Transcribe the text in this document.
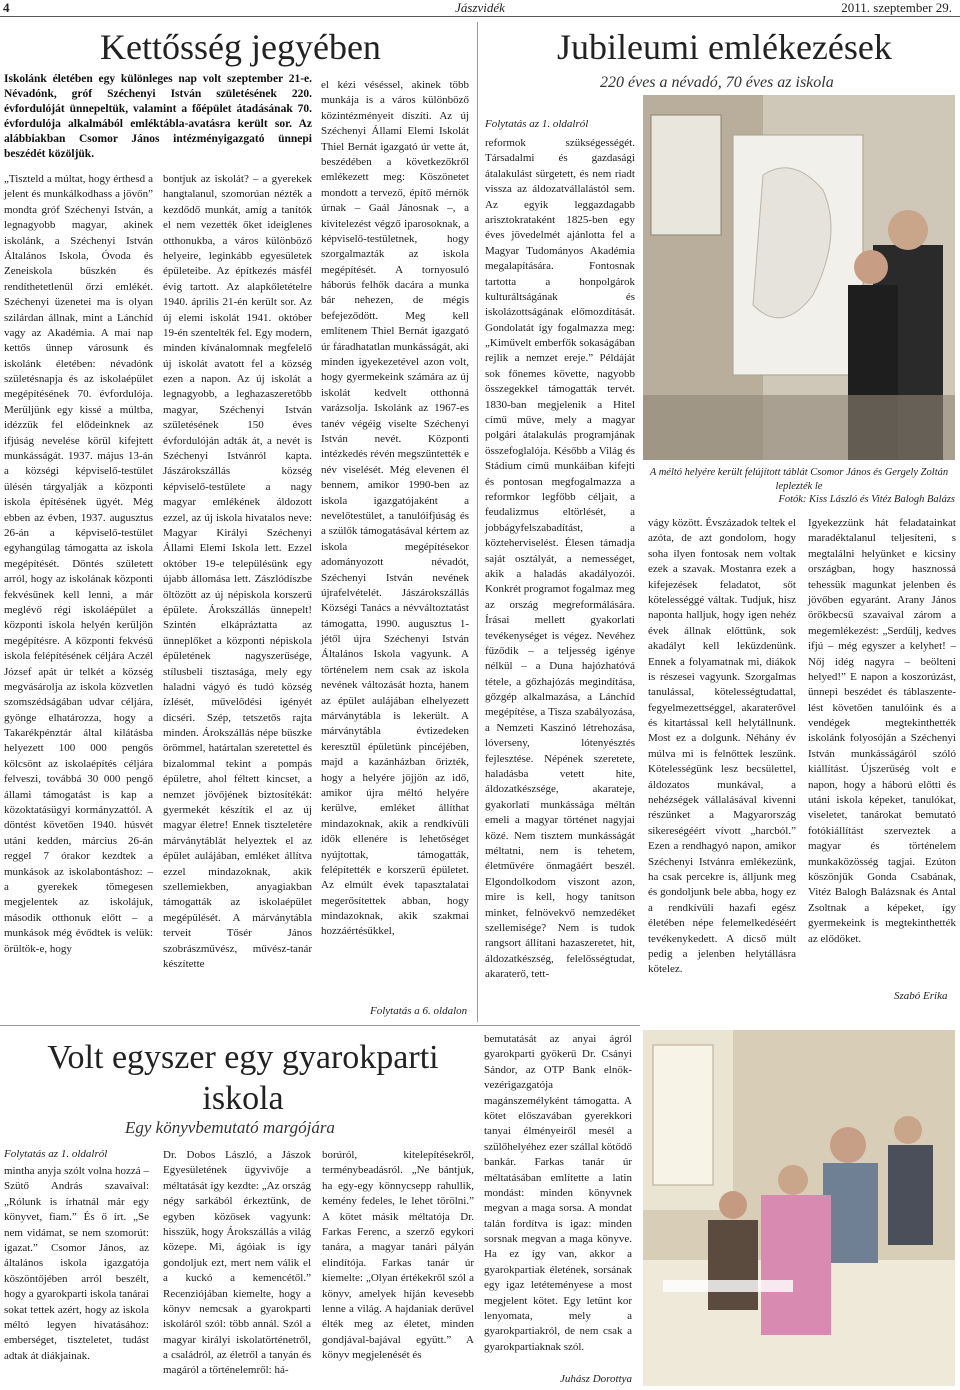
Jászvidék
4	2011. szeptember 29.
Kettősség jegyében
Iskolánk életében egy különleges nap volt szeptember 21-e. Névadónk, gróf Széchenyi István születésének 220. évfordulóját ünnepeltük, valamint a főépület átadásának 70. évfordulója alkalmából emléktábla-avatásra került sor. Az alábbiakban Csomor János intézményigazgató ünnepi beszédét közöljük.
„Tiszteld a múltat, hogy érthesd a jelent és munkálkodhass a jövőn” mondta gróf Széchenyi István, a legnagyobb magyar, akinek iskolánk, a Széchenyi István Általános Iskola, Óvoda és Zeneiskola büszkén és rendíthetetlenül őrzi emlékét. Széchenyi üzenetei ma is olyan szilárdan állnak, mint a Lánchíd vagy az Akadémia. A mai nap kettős ünnep városunk és iskolánk életében: névadónk születésnapja és az iskolaépület megépítésének 70. évfordulója. Merüljünk egy kissé a múltba, idézzük fel elődeinknek az ifjúság nevelése körül kifejtett munkásságát. 1937. május 13-án a községi képviselő-testület ülésén tárgyalják a központi iskola építésének ügyét. Még ebben az évben, 1937. augusztus 26-án a képviselő-testület egyhangúlag támogatta az iskola megépítését. Döntés született arról, hogy az iskolának központi fekvésűnek kell lenni, a már meglévő régi iskoláépület a központi iskola helyén kerüljön megépítésre. A központi fekvésű iskola felépítésének céljára Aczél József apát úr telkét a község megvásárolja az iskola közvetlen szomszédságában udvar céljára, gyönge elhatározza, hogy a Takarékpénztár által kilátásba helyezett 100 000 pengős kölcsönt az iskolaépítés céljára felveszi, továbbá 30 000 pengő állami támogatást is kap a közoktatásügyi kormányzattól. A döntést követően 1940. húsvét utáni kedden, március 26-án reggel 7 órakor kezdtek a munkások az iskolabontáshoz: – a gyerekek tömegesen megjelentek az iskolájuk, második otthonuk előtt – a munkások még évődtek is velük: örültök-e, hogy
bontjuk az iskolát? – a gyerekek hangtalanul, szomorúan nézték a kezdődő munkát, amíg a tanítók el nem vezették őket ideiglenes otthonukba, a város különböző helyeire, leginkább egyesületek épületeibe. Az építkezés másfél évig tartott. Az alapkőletételre 1940. április 21-én került sor. Az új elemi iskolát 1941. október 19-én szentelték fel. Egy modern, minden kívánalomnak megfelelő új iskolát avatott fel a község ezen a napon. Az új iskolát a legnagyobb, a leghazaszeretőbb magyar, Széchenyi István születésének 150 éves évfordulóján adták át, a nevét is Széchenyi Istvánról kapta. Jászárokszállás község képviselő-testülete a nagy magyar emlékének áldozott ezzel, az új iskola hivatalos neve: Magyar Királyi Széchenyi Állami Elemi Iskola lett. Ezzel október 19-e településünk egy újabb állomása lett. Zászlódíszbe öltözött az új népiskola korszerű épülete. Árokszállás ünnepelt! Szintén elkápráztatta az ünneplőket a központi népiskola épületének nagyszerűsége, stílusbeli tisztasága, mely egy haladni vágyó és tudó község ízlését, művelődési igényét dicséri. Szép, tetszetős rajta minden. Árokszállás népe büszke örömmel, határtalan szeretettel és bizalommal tekint a pompás épületre, ahol féltett kincset, a nemzet jövőjének biztosítékát: gyermekét készítik el az új magyar életre! Ennek tiszteletére márványtáblát helyeztek el az épület aulájában, emléket állítva ezzel mindazoknak, akik szellemiekben, anyagiakban támogatták az iskolaépület megépülését. A márványtábla terveit Tősér János szobrászművész, művész-tanár készítette
el kézi véséssel, akinek több munkája is a város különböző közintézményeit díszíti. Az új Széchenyi Állami Elemi Iskolát Thiel Bernát igazgató úr vette át, beszédében a következőkről emlékezett meg: Köszönetet mondott a tervező, építő mérnök úrnak – Gaál Jánosnak –, a kivitelezést végző iparosoknak, a képviselő-testületnek, hogy szorgalmazták az iskola megépítését. A tornyosuló háborús felhők dacára a munka bár nehezen, de mégis befejeződött. Meg kell említenem Thiel Bernát igazgató úr fáradhatatlan munkásságát, aki minden igyekezetével azon volt, hogy gyermekeink számára az új iskolát kedvelt otthonná varázsolja. Iskolánk az 1967-es tanév végéig viselte Széchenyi István nevét. Központi intézkedés révén megszüntették e név viselését. Még elevenen él bennem, amikor 1990-ben az iskola igazgatójaként a nevelőtestület, a tanulóifjúság és a szülők támogatásával kértem az iskola megépítésekor adományozott névadót, Széchenyi István nevének újrafelvételét. Jászárokszállás Községi Tanács a névváltoztatást támogatta, 1990. augusztus 1-jétől újra Széchenyi István Általános Iskola vagyunk. A történelem nem csak az iskola nevének változását hozta, hanem az épület aulájában elhelyezett márványtábla is lekerült. A márványtábla évtizedeken keresztül épületünk pincéjében, majd a kazánházban őrizték, hogy a helyére jöjjön az idő, amikor újra méltó helyére kerülve, emléket állíthat mindazoknak, akik a rendkívüli idők ellenére is lehetőséget nyújtottak, támogatták, felépítették e korszerű épületet. Az elmúlt évek tapasztalatai megerősítettek abban, hogy mindazoknak, akik szakmai hozzáértésükkel,
Folytatás a 6. oldalon
Jubileumi emlékezések
220 éves a névadó, 70 éves az iskola
A méltó helyére került felújított táblát Csomor János és Gergely Zoltán leplezték le

Fotók: Kiss László és Vitéz Balogh Balázs
Folytatás az 1. oldalról
reformok szükségességét. Társadalmi és gazdasági átalakulást sürgetett, és nem riadt vissza az áldozatvállalástól sem. Az egyik leggazdagabb arisztokrataként 1825-ben egy éves jövedelmét ajánlotta fel a Magyar Tudományos Akadémia megalapítására. Fontosnak tartotta a honpolgárok kulturáltságának és iskolázottságának előmozdítását. Gondolatát így fogalmazza meg: „Kiművelt emberfők sokaságában rejlik a nemzet ereje.” Példáját sok főnemes követte, nagyobb összegekkel támogatták tervét. 1830-ban megjelenik a Hitel című műve, mely a magyar polgári átalakulás programjának összefoglalója. Később a Világ és Stádium című munkáiban kifejti és pontosan megfogalmazza a reformkor legfőbb céljait, a feudalizmus eltörlését, a jobbágyfelszabadítást, a közteherviselést. Élesen támadja saját osztályát, a nemességet, akik a haladás akadályozói. Konkrét programot fogalmaz meg az ország megreformálására. Írásai mellett gyakorlati tevékenységet is végez. Nevéhez fűződik – a teljesség igénye nélkül – a Duna hajózhatóvá tétele, a gőzhajózás megindítása, gőzgép alkalmazása, a Lánchíd megépítése, a Tisza szabályozása, a Nemzeti Kaszinó létrehozása, lóverseny, lótenyésztés fejlesztése. Népének szeretete, haladásba vetett hite, áldozatkészsége, akarateje, gyakorlati munkássága méltán emeli a magyar történet nagyjai közé. Nem tisztem munkásságát méltatni, nem is tehetem, életművére önmagáért beszél. Elgondolkodom viszont azon, mire is kell, hogy tanítson minket, felnövekvő nemzedéket szellemisége? Nem is tudok rangsort állítani hazaszeretet, hit, áldozatkészség, felelősségtudat, akaraterő, tett-
vágy között. Évszázadok teltek el azóta, de azt gondolom, hogy soha ilyen fontosak nem voltak ezek a szavak. Mostanra ezek a kifejezések feladatot, sőt kötelességgé váltak. Tudjuk, hisz naponta halljuk, hogy igen nehéz évek állnak előttünk, sok akadályt kell leküzdenünk. Ennek a folyamatnak mi, diákok is részesei vagyunk. Szorgalmas tanulással, kötelességtudattal, fegyelmezettséggel, akaraterővel és kitartással kell helytállnunk. Most ez a dolgunk. Néhány év múlva mi is felnőttek leszünk. Kötelességünk lesz becsülettel, áldozatos munkával, a nehézségek vállalásával kivenni részünket a Magyarország sikereségéért vívott „harcból.” Ezen a rendhagyó napon, amikor Széchenyi Istvánra emlékezünk, ha csak percekre is, álljunk meg és gondoljunk bele abba, hogy ez a rendkívüli hazafi egész életében népe felemelkedéséért tevékenykedett. A dicső múlt pedig a jelenben helytállásra kötelez.
Igyekezzünk hát feladatainkat maradéktalanul teljesíteni, s megtalálni helyünket e kicsiny országban, hogy hasznossá tehessük magunkat jelenben és jövőben egyaránt. Arany János örökbecsű szavaival zárom a megemlékezést: „Serdülj, kedves ifjú – még egyszer a kelyhet! – Nőj idég nagyra – beöltеni helyed!” E napon a koszorúzást, ünnepi beszédet és táblaszentelést követően tanulóink és a vendégek megtekinthették iskolánk folyosóján a Széchenyi István munkásságáról szóló kiállítást. Újszerűség volt e napon, hogy a háború előtti és utáni iskola képeket, tanulókat, viseletet, tanárokat bemutató fotókiállítást szerveztek a magyar és történelem munkaközösség tagjai. Ezúton köszönjük Gonda Csabának, Vitéz Balogh Balázsnak és Antal Zsoltnak a képeket, így gyermekeink is megtekinthették az elődöket.
Szabó Erika
Volt egyszer egy gyarokparti
iskola
Egy könyvbemutató margójára
Folytatás az 1. oldalról
mintha anyja szólt volna hozzá – Szütő András szavaival: „Rólunk is írhatnál már egy könyvet, fiam.” És ő írt. „Se nem vidámat, se nem szomorút: igazat.” Csomor János, az általános iskola igazgatója köszöntőjében arról beszélt, hogy a gyarokparti iskola tanárai sokat tettek azért, hogy az iskola méltó legyen hivatásához: emberséget, tiszteletet, tudást adtak át diákjainak.
Dr. Dobos László, a Jászok Egyesületének ügyvivője a méltatását így kezdte: „Az ország négy sarkából érkeztünk, de egyben közösek vagyunk: hisszük, hogy Árokszállás a világ közepe. Mi, ágóiak is így gondoljuk ezt, mert nem válik el a kuckó a kemencétől.” Recenziójában kiemelte, hogy a könyv nemcsak a gyarokparti iskoláról szól: több annál. Szól a magyar királyi iskolatörténetről, a családról, az életről a tanyán és magáról a történelemről: há-
borúról, kitelepítésekről, terménybeadásról. „Ne bántjuk, ha egy-egy könnycsepp rahullik, kemény fedeles, le lehet törölni.” A kötet másik méltatója Dr. Farkas Ferenc, a szerző egykori tanára, a magyar tanári pályán elindítója. Farkas tanár úr kiemelte: „Olyan értékekről szól a könyv, amelyek híján kevesebb lenne a világ. A hajdaniak derűvel élték meg az életet, minden gondjával-bajával együtt.” A könyv megjelenését és
bemutatását az anyai ágról gyarokparti gyökerű Dr. Csányi Sándor, az OTP Bank elnök-vezérigazgatója magánszemélyként támogatta. A kötet előszavában gyerekkori tanyai élményeiről mesél a szülőhelyéhez ezer szállal kötődő bankár. Farkas tanár úr méltatásában említette a latin mondást: minden könyvnek megvan a maga sorsa. A mondat talán fordítva is igaz: minden sorsnak megvan a maga könyve. Ha ez így van, akkor a gyarokpartiak életének, sorsának egy igaz letéteményese a most megjelent kötet. Egy letűnt kor lenyomata, mely a gyarokpartiakról, de nem csak a gyarokpartiaknak szól.
Juhász Dorottya
